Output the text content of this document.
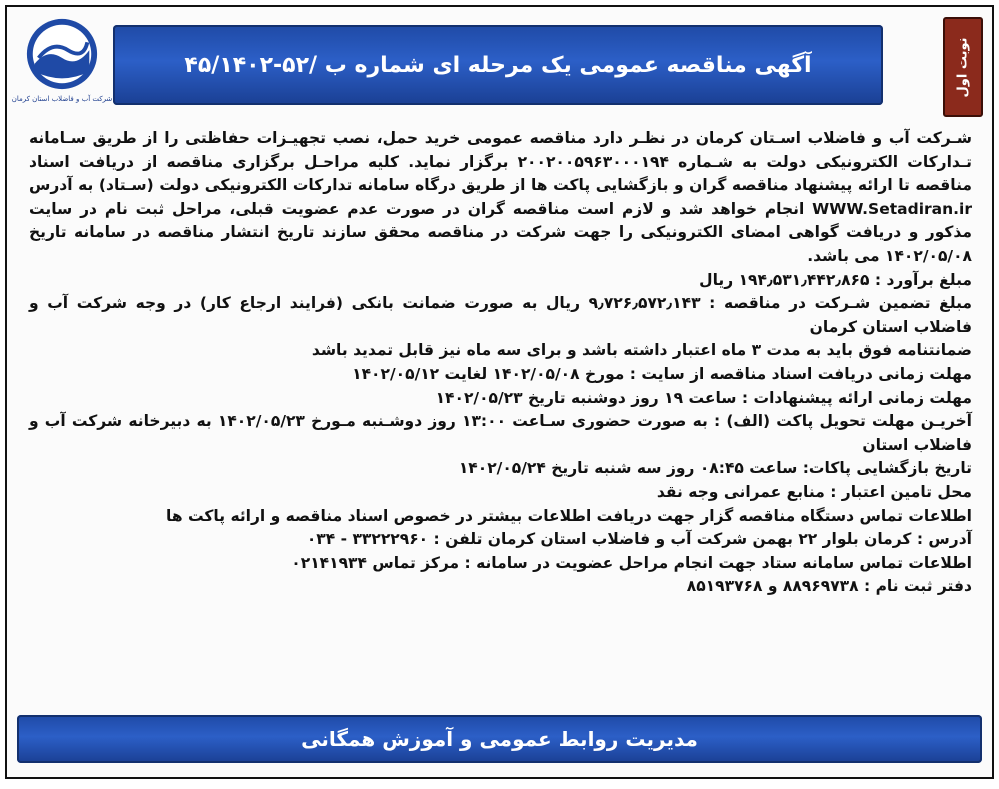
شرکت آب و فاضلاب استان کرمان
آگهی مناقصه عمومی یک مرحله ای شماره ب /۵۲-۴۵/۱۴۰۲	نوبت اول

شـرکت آب و فاضلاب اسـتان کرمان در نظـر دارد مناقصه عمومی خرید حمل، نصب تجهیـزات حفاظتی را از طریق سـامانه تـدارکات الکترونیکی دولت به شـماره ۲۰۰۲۰۰۵۹۶۳۰۰۰۱۹۴ برگزار نماید. کلیه مراحـل برگزاری مناقصه از دریافت اسناد مناقصه تا ارائه پیشنهاد مناقصه گران و بازگشایی پاکت ها از طریق درگاه سامانه تدارکات الکترونیکی دولت (سـتاد) به آدرس WWW.Setadiran.ir انجام خواهد شد و لازم است مناقصه گران در صورت عدم عضویت قبلی، مراحل ثبت نام در سایت مذکور و دریافت گواهی امضای الکترونیکی را جهت شرکت در مناقصه محقق سازند تاریخ انتشار مناقصه در سامانه تاریخ ۱۴۰۲/۰۵/۰۸ می باشد.

مبلغ برآورد : ۱۹۴٫۵۳۱٫۴۴۲٫۸۶۵ ریال

مبلغ تضمین شـرکت در مناقصه : ۹٫۷۲۶٫۵۷۲٫۱۴۳ ریال به صورت ضمانت بانکی (فرایند ارجاع کار) در وجه شرکت آب و فاضلاب استان کرمان

ضمانتنامه فوق باید به مدت ۳ ماه اعتبار داشته باشد و برای سه ماه نیز قابل تمدید باشد

مهلت زمانی دریافت اسناد مناقصه از سایت : مورخ ۱۴۰۲/۰۵/۰۸ لغایت ۱۴۰۲/۰۵/۱۲

مهلت زمانی ارائه پیشنهادات : ساعت ۱۹ روز دوشنبه تاریخ ۱۴۰۲/۰۵/۲۳

آخریـن مهلت تحویل پاکت (الف) : به صورت حضوری سـاعت ۱۳:۰۰ روز دوشـنبه مـورخ ۱۴۰۲/۰۵/۲۳ به دبیرخانه شرکت آب و فاضلاب استان

تاریخ بازگشایی پاکات: ساعت ۰۸:۴۵ روز سه شنبه تاریخ ۱۴۰۲/۰۵/۲۴

محل تامین اعتبار : منابع عمرانی وجه نقد

اطلاعات تماس دستگاه مناقصه گزار جهت دریافت اطلاعات بیشتر در خصوص اسناد مناقصه و ارائه پاکت ها

آدرس : کرمان بلوار ۲۲ بهمن شرکت آب و فاضلاب استان کرمان تلفن : ۳۳۲۲۲۹۶۰ - ۰۳۴

اطلاعات تماس سامانه ستاد جهت انجام مراحل عضویت در سامانه : مرکز تماس ۰۲۱۴۱۹۳۴

دفتر ثبت نام : ۸۸۹۶۹۷۳۸ و ۸۵۱۹۳۷۶۸

مدیریت روابط عمومی و آموزش همگانی
